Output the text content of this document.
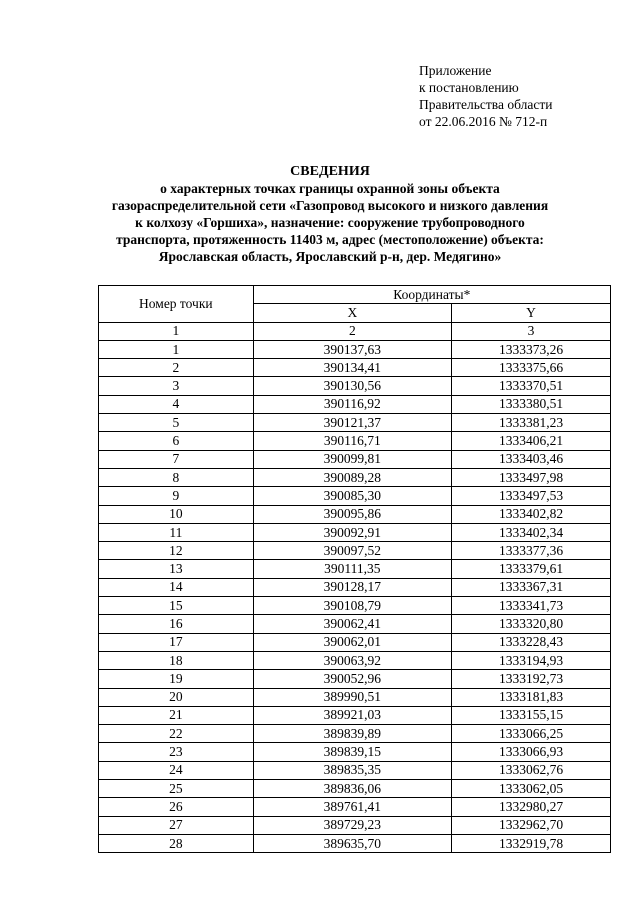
Приложение
к постановлению
Правительства области
от 22.06.2016 № 712-п
СВЕДЕНИЯ
о характерных точках границы охранной зоны объекта
газораспределительной сети «Газопровод высокого и низкого давления
к колхозу «Горшиха», назначение: сооружение трубопроводного
транспорта, протяженность 11403 м, адрес (местоположение) объекта:
Ярославская область, Ярославский р-н, дер. Медягино»
Номер точки	Координаты*	
	X	Y
1	2	3
1	390137,63	1333373,26
2	390134,41	1333375,66
3	390130,56	1333370,51
4	390116,92	1333380,51
5	390121,37	1333381,23
6	390116,71	1333406,21
7	390099,81	1333403,46
8	390089,28	1333497,98
9	390085,30	1333497,53
10	390095,86	1333402,82
11	390092,91	1333402,34
12	390097,52	1333377,36
13	390111,35	1333379,61
14	390128,17	1333367,31
15	390108,79	1333341,73
16	390062,41	1333320,80
17	390062,01	1333228,43
18	390063,92	1333194,93
19	390052,96	1333192,73
20	389990,51	1333181,83
21	389921,03	1333155,15
22	389839,89	1333066,25
23	389839,15	1333066,93
24	389835,35	1333062,76
25	389836,06	1333062,05
26	389761,41	1332980,27
27	389729,23	1332962,70
28	389635,70	1332919,78
